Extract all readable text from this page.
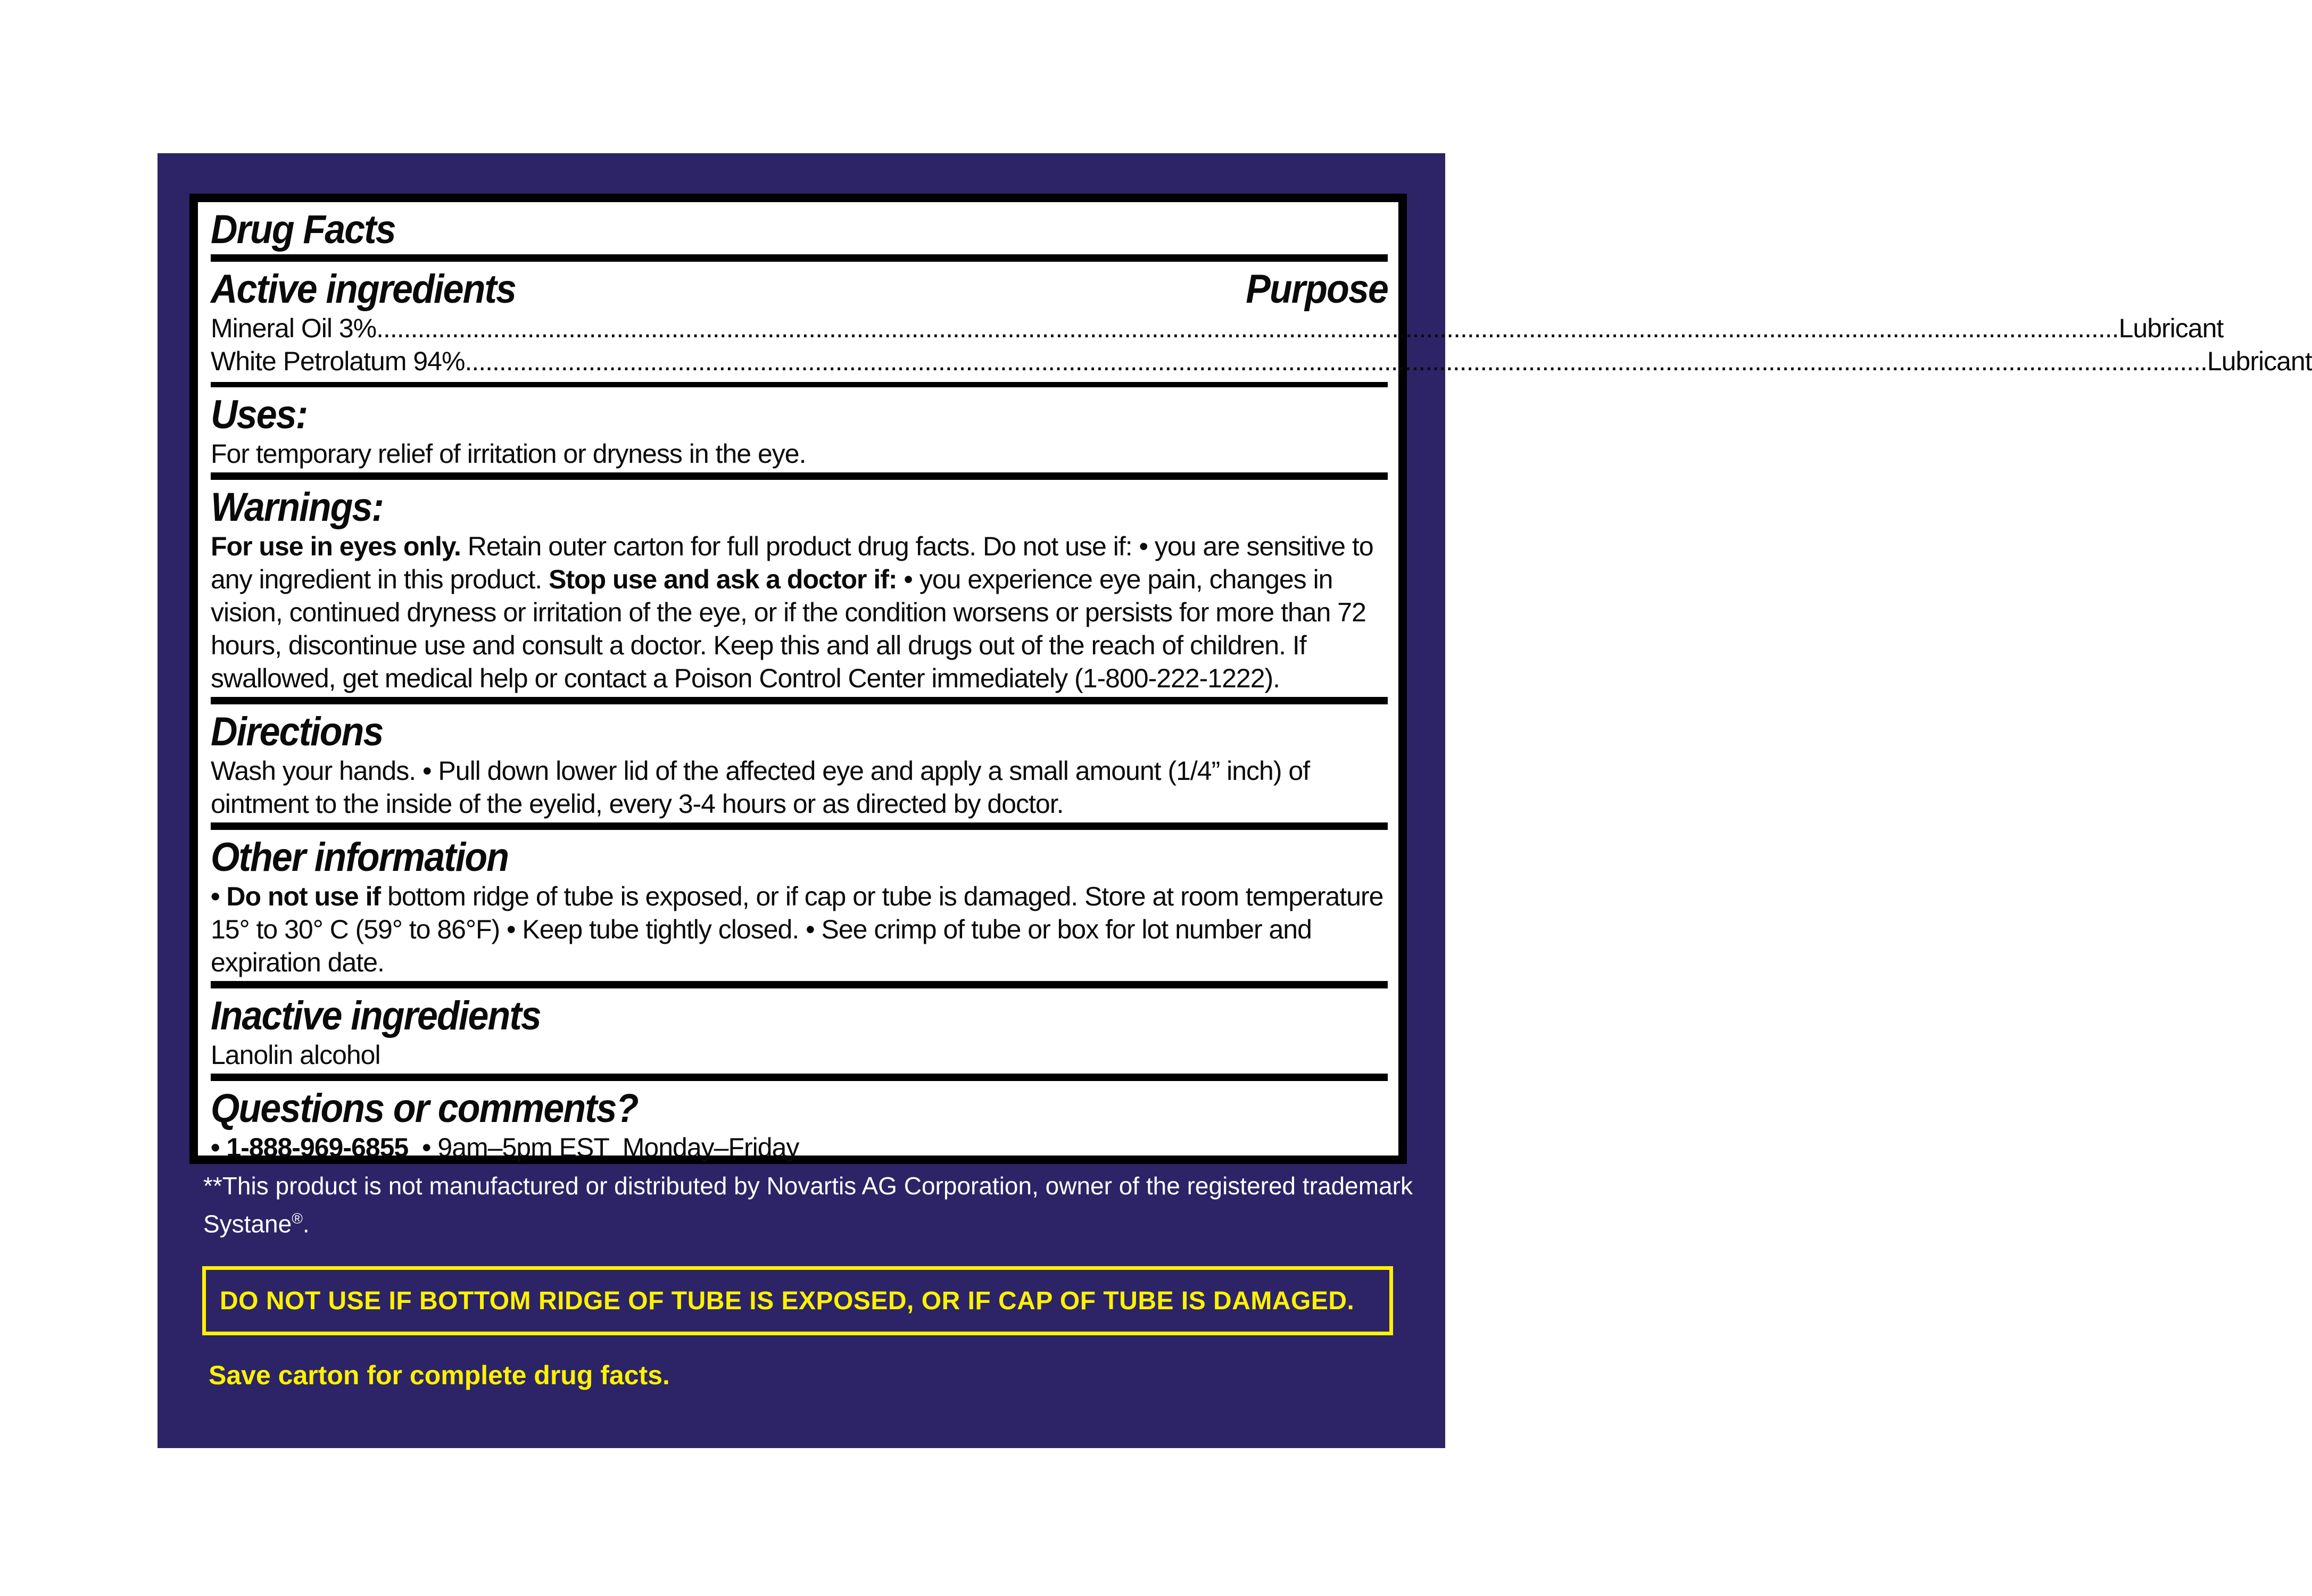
Drug Facts
Active ingredients	Purpose
Mineral Oil 3% .............................................................................................................................................................................................................................................................. Lubricant
White Petrolatum 94% .............................................................................................................................................................................................................................................................. Lubricant
Uses:
For temporary relief of irritation or dryness in the eye.
Warnings:
For use in eyes only. Retain outer carton for full product drug facts. Do not use if: • you are sensitive to any ingredient in this product. Stop use and ask a doctor if: • you experience eye pain, changes in vision, continued dryness or irritation of the eye, or if the condition worsens or persists for more than 72 hours, discontinue use and consult a doctor. Keep this and all drugs out of the reach of children. If swallowed, get medical help or contact a Poison Control Center immediately (1-800-222-1222).
Directions
Wash your hands. • Pull down lower lid of the affected eye and apply a small amount (1/4” inch) of ointment to the inside of the eyelid, every 3-4 hours or as directed by doctor.
Other information
• Do not use if bottom ridge of tube is exposed, or if cap or tube is damaged. Store at room temperature 15° to 30° C (59° to 86°F) • Keep tube tightly closed. • See crimp of tube or box for lot number and expiration date.
Inactive ingredients
Lanolin alcohol
Questions or comments?
• 1-888-969-6855  • 9am–5pm EST  Monday–Friday
**This product is not manufactured or distributed by Novartis AG Corporation, owner of the registered trademark Systane®.
DO NOT USE IF BOTTOM RIDGE OF TUBE IS EXPOSED, OR IF CAP OF TUBE IS DAMAGED.
Save carton for complete drug facts.
